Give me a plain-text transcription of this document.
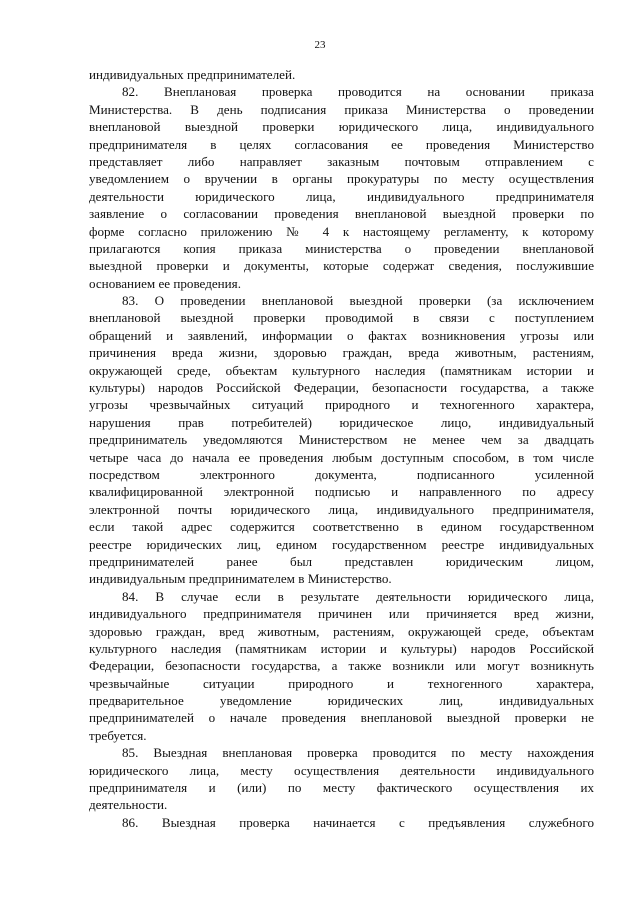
23
индивидуальных предпринимателей.
82. Внеплановая проверка проводится на основании приказа
Министерства. В день подписания приказа Министерства о проведении
внеплановой выездной проверки юридического лица, индивидуального
предпринимателя в целях согласования ее проведения Министерство
представляет либо направляет заказным почтовым отправлением с
уведомлением о вручении в органы прокуратуры по месту осуществления
деятельности юридического лица, индивидуального предпринимателя
заявление о согласовании проведения внеплановой выездной проверки по
форме согласно приложению № 4 к настоящему регламенту, к которому
прилагаются копия приказа министерства о проведении внеплановой
выездной проверки и документы, которые содержат сведения, послужившие
основанием ее проведения.
83. О проведении внеплановой выездной проверки (за исключением
внеплановой выездной проверки проводимой в связи с поступлением
обращений и заявлений, информации о фактах возникновения угрозы или
причинения вреда жизни, здоровью граждан, вреда животным, растениям,
окружающей среде, объектам культурного наследия (памятникам истории и
культуры) народов Российской Федерации, безопасности государства, а также
угрозы чрезвычайных ситуаций природного и техногенного характера,
нарушения прав потребителей) юридическое лицо, индивидуальный
предприниматель уведомляются Министерством не менее чем за двадцать
четыре часа до начала ее проведения любым доступным способом, в том числе
посредством электронного документа, подписанного усиленной
квалифицированной электронной подписью и направленного по адресу
электронной почты юридического лица, индивидуального предпринимателя,
если такой адрес содержится соответственно в едином государственном
реестре юридических лиц, едином государственном реестре индивидуальных
предпринимателей ранее был представлен юридическим лицом,
индивидуальным предпринимателем в Министерство.
84. В случае если в результате деятельности юридического лица,
индивидуального предпринимателя причинен или причиняется вред жизни,
здоровью граждан, вред животным, растениям, окружающей среде, объектам
культурного наследия (памятникам истории и культуры) народов Российской
Федерации, безопасности государства, а также возникли или могут возникнуть
чрезвычайные ситуации природного и техногенного характера,
предварительное уведомление юридических лиц, индивидуальных
предпринимателей о начале проведения внеплановой выездной проверки не
требуется.
85. Выездная внеплановая проверка проводится по месту нахождения
юридического лица, месту осуществления деятельности индивидуального
предпринимателя и (или) по месту фактического осуществления их
деятельности.
86. Выездная проверка начинается с предъявления служебного
